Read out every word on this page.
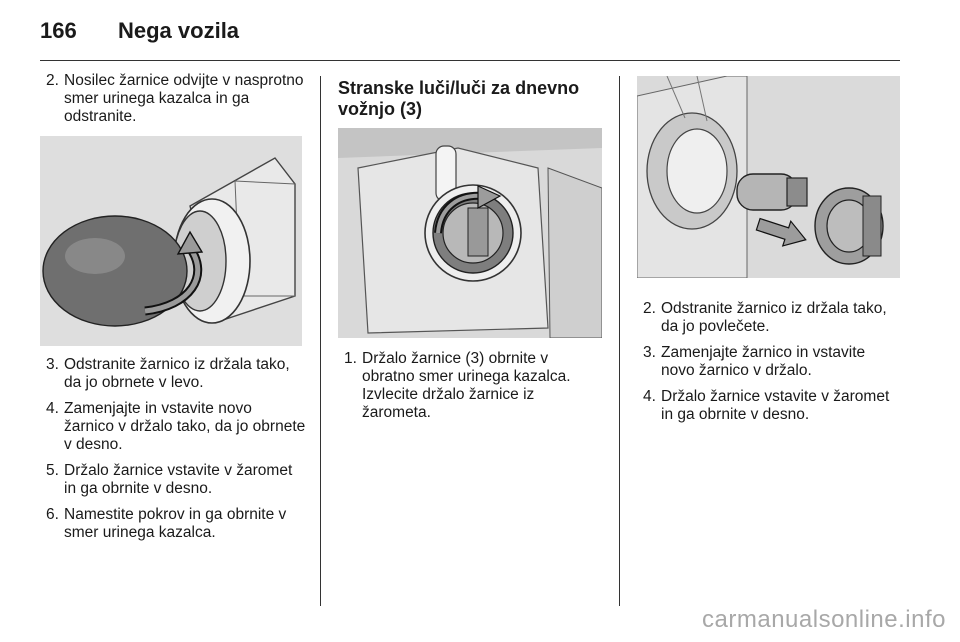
166 Nega vozila
2. Nosilec žarnice odvijte v nasprotno smer urinega kazalca in ga odstranite.
3. Odstranite žarnico iz držala tako, da jo obrnete v levo.
4. Zamenjajte in vstavite novo žarnico v držalo tako, da jo obrnete v desno.
5. Držalo žarnice vstavite v žaromet in ga obrnite v desno.
6. Namestite pokrov in ga obrnite v smer urinega kazalca.
Stranske luči/luči za dnevno vožnjo (3)
1. Držalo žarnice (3) obrnite v obratno smer urinega kazalca. Izvlecite držalo žarnice iz žarometa.
2. Odstranite žarnico iz držala tako, da jo povlečete.
3. Zamenjajte žarnico in vstavite novo žarnico v držalo.
4. Držalo žarnice vstavite v žaromet in ga obrnite v desno.
carmanualsonline.info
